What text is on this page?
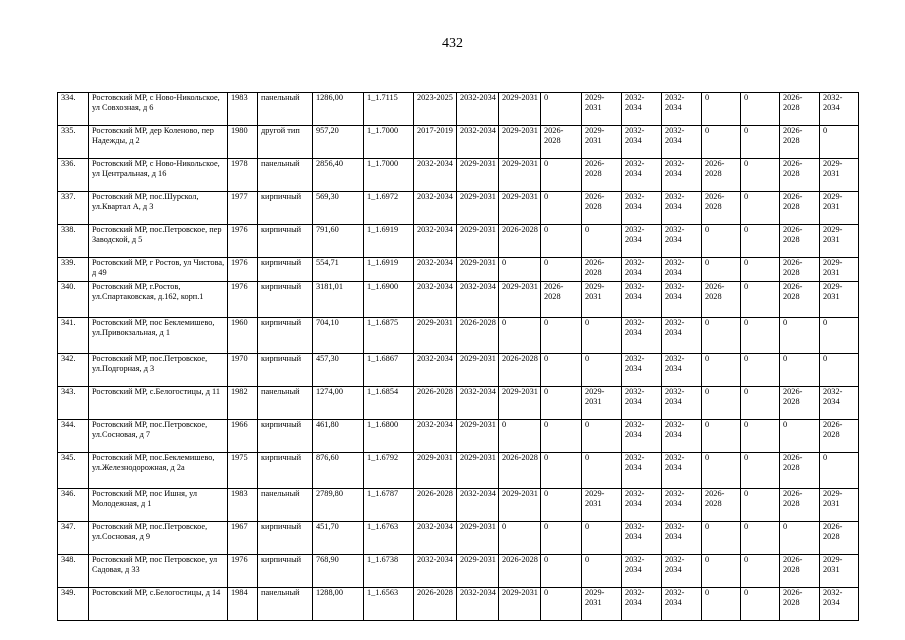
432
334.	Ростовский МР, с Ново-Никольское, ул Совхозная, д 6	1983	панельный	1286,00	1_1.7115	2023-2025	2032-2034	2029-2031	0	2029-2031	2032-2034	2032-2034	0	0	2026-2028	2032-2034
335.	Ростовский МР, дер Коленово, пер Надежды, д 2	1980	другой тип	957,20	1_1.7000	2017-2019	2032-2034	2029-2031	2026-2028	2029-2031	2032-2034	2032-2034	0	0	2026-2028	0
336.	Ростовский МР, с Ново-Никольское, ул Центральная, д 16	1978	панельный	2856,40	1_1.7000	2032-2034	2029-2031	2029-2031	0	2026-2028	2032-2034	2032-2034	2026-2028	0	2026-2028	2029-2031
337.	Ростовский МР, пос.Шурскол, ул.Квартал А, д 3	1977	кирпичный	569,30	1_1.6972	2032-2034	2029-2031	2029-2031	0	2026-2028	2032-2034	2032-2034	2026-2028	0	2026-2028	2029-2031
338.	Ростовский МР, пос.Петровское, пер Заводской, д 5	1976	кирпичный	791,60	1_1.6919	2032-2034	2029-2031	2026-2028	0	0	2032-2034	2032-2034	0	0	2026-2028	2029-2031
339.	Ростовский МР, г Ростов, ул Чистова, д 49	1976	кирпичный	554,71	1_1.6919	2032-2034	2029-2031	0	0	2026-2028	2032-2034	2032-2034	0	0	2026-2028	2029-2031
340.	Ростовский МР, г.Ростов, ул.Спартаковская, д.162, корп.1	1976	кирпичный	3181,01	1_1.6900	2032-2034	2032-2034	2029-2031	2026-2028	2029-2031	2032-2034	2032-2034	2026-2028	0	2026-2028	2029-2031
341.	Ростовский МР, пос Беклемишево, ул.Привокзальная, д 1	1960	кирпичный	704,10	1_1.6875	2029-2031	2026-2028	0	0	0	2032-2034	2032-2034	0	0	0	0
342.	Ростовский МР, пос.Петровское, ул.Подгорная, д 3	1970	кирпичный	457,30	1_1.6867	2032-2034	2029-2031	2026-2028	0	0	2032-2034	2032-2034	0	0	0	0
343.	Ростовский МР, с.Белогостицы, д 11	1982	панельный	1274,00	1_1.6854	2026-2028	2032-2034	2029-2031	0	2029-2031	2032-2034	2032-2034	0	0	2026-2028	2032-2034
344.	Ростовский МР, пос.Петровское, ул.Сосновая, д 7	1966	кирпичный	461,80	1_1.6800	2032-2034	2029-2031	0	0	0	2032-2034	2032-2034	0	0	0	2026-2028
345.	Ростовский МР, пос.Беклемишево, ул.Железнодорожная, д 2а	1975	кирпичный	876,60	1_1.6792	2029-2031	2029-2031	2026-2028	0	0	2032-2034	2032-2034	0	0	2026-2028	0
346.	Ростовский МР, пос Ишня, ул Молодежная, д 1	1983	панельный	2789,80	1_1.6787	2026-2028	2032-2034	2029-2031	0	2029-2031	2032-2034	2032-2034	2026-2028	0	2026-2028	2029-2031
347.	Ростовский МР, пос.Петровское, ул.Сосновая, д 9	1967	кирпичный	451,70	1_1.6763	2032-2034	2029-2031	0	0	0	2032-2034	2032-2034	0	0	0	2026-2028
348.	Ростовский МР, пос Петровское, ул Садовая, д 33	1976	кирпичный	768,90	1_1.6738	2032-2034	2029-2031	2026-2028	0	0	2032-2034	2032-2034	0	0	2026-2028	2029-2031
349.	Ростовский МР, с.Белогостицы, д 14	1984	панельный	1288,00	1_1.6563	2026-2028	2032-2034	2029-2031	0	2029-2031	2032-2034	2032-2034	0	0	2026-2028	2032-2034
